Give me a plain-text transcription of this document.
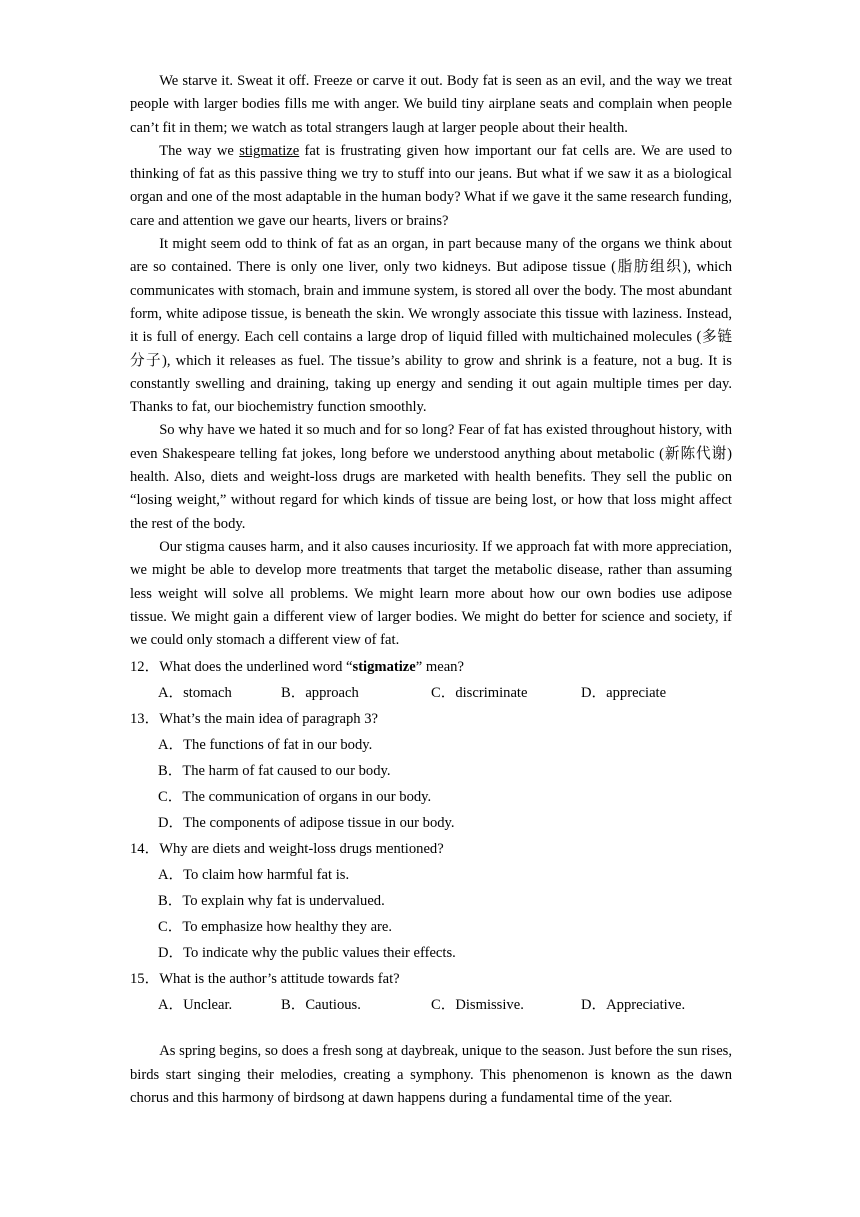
We starve it. Sweat it off. Freeze or carve it out. Body fat is seen as an evil, and the way we treat people with larger bodies fills me with anger. We build tiny airplane seats and complain when people can’t fit in them; we watch as total strangers laugh at larger people about their health.

The way we stigmatize fat is frustrating given how important our fat cells are. We are used to thinking of fat as this passive thing we try to stuff into our jeans. But what if we saw it as a biological organ and one of the most adaptable in the human body? What if we gave it the same research funding, care and attention we gave our hearts, livers or brains?

It might seem odd to think of fat as an organ, in part because many of the organs we think about are so contained. There is only one liver, only two kidneys. But adipose tissue (脂肪组织), which communicates with stomach, brain and immune system, is stored all over the body. The most abundant form, white adipose tissue, is beneath the skin. We wrongly associate this tissue with laziness. Instead, it is full of energy. Each cell contains a large drop of liquid filled with multichained molecules (多链分子), which it releases as fuel. The tissue’s ability to grow and shrink is a feature, not a bug. It is constantly swelling and draining, taking up energy and sending it out again multiple times per day. Thanks to fat, our biochemistry function smoothly.

So why have we hated it so much and for so long? Fear of fat has existed throughout history, with even Shakespeare telling fat jokes, long before we understood anything about metabolic (新陈代谢) health. Also, diets and weight-loss drugs are marketed with health benefits. They sell the public on “losing weight,” without regard for which kinds of tissue are being lost, or how that loss might affect the rest of the body.

Our stigma causes harm, and it also causes incuriosity. If we approach fat with more appreciation, we might be able to develop more treatments that target the metabolic disease, rather than assuming less weight will solve all problems. We might learn more about how our own bodies use adipose tissue. We might gain a different view of larger bodies. We might do better for science and society, if we could only stomach a different view of fat.

12．What does the underlined word “stigmatize” mean?

A．stomach	B．approach	C．discriminate	D．appreciate

13．What’s the main idea of paragraph 3?

A．The functions of fat in our body.
B．The harm of fat caused to our body.
C．The communication of organs in our body.
D．The components of adipose tissue in our body.

14．Why are diets and weight-loss drugs mentioned?

A．To claim how harmful fat is.
B．To explain why fat is undervalued.
C．To emphasize how healthy they are.
D．To indicate why the public values their effects.

15．What is the author’s attitude towards fat?

A．Unclear.	B．Cautious.	C．Dismissive.	D．Appreciative.

As spring begins, so does a fresh song at daybreak, unique to the season. Just before the sun rises, birds start singing their melodies, creating a symphony. This phenomenon is known as the dawn chorus and this harmony of birdsong at dawn happens during a fundamental time of the year.
